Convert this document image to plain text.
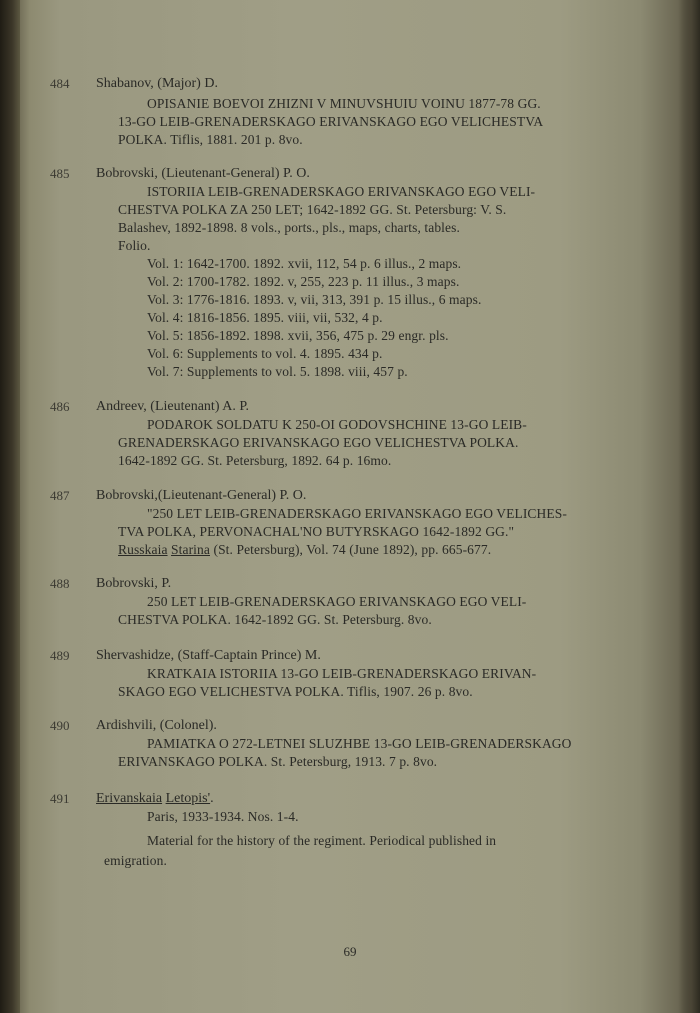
484 Shabanov, (Major) D.
OPISANIE BOEVOI ZHIZNI V MINUVSHUIU VOINU 1877-78 GG.
13-GO LEIB-GRENADERSKAGO ERIVANSKAGO EGO VELICHESTVA
POLKA. Tiflis, 1881. 201 p. 8vo.
485 Bobrovski, (Lieutenant-General) P. O.
ISTORIIA LEIB-GRENADERSKAGO ERIVANSKAGO EGO VELI-
CHESTVA POLKA ZA 250 LET; 1642-1892 GG. St. Petersburg: V. S.
Balashev, 1892-1898. 8 vols., ports., pls., maps, charts, tables.
Folio.
Vol. 1: 1642-1700. 1892. xvii, 112, 54 p. 6 illus., 2 maps.
Vol. 2: 1700-1782. 1892. v, 255, 223 p. 11 illus., 3 maps.
Vol. 3: 1776-1816. 1893. v, vii, 313, 391 p. 15 illus., 6 maps.
Vol. 4: 1816-1856. 1895. viii, vii, 532, 4 p.
Vol. 5: 1856-1892. 1898. xvii, 356, 475 p. 29 engr. pls.
Vol. 6: Supplements to vol. 4. 1895. 434 p.
Vol. 7: Supplements to vol. 5. 1898. viii, 457 p.
486 Andreev, (Lieutenant) A. P.
PODAROK SOLDATU K 250-OI GODOVSHCHINE 13-GO LEIB-
GRENADERSKAGO ERIVANSKAGO EGO VELICHESTVA POLKA.
1642-1892 GG. St. Petersburg, 1892. 64 p. 16mo.
487 Bobrovski,(Lieutenant-General) P. O.
"250 LET LEIB-GRENADERSKAGO ERIVANSKAGO EGO VELICHES-
TVA POLKA, PERVONACHAL'NO BUTYRSKAGO 1642-1892 GG."
Russkaia Starina (St. Petersburg), Vol. 74 (June 1892), pp. 665-677.
488 Bobrovski, P.
250 LET LEIB-GRENADERSKAGO ERIVANSKAGO EGO VELI-
CHESTVA POLKA. 1642-1892 GG. St. Petersburg. 8vo.
489 Shervashidze, (Staff-Captain Prince) M.
KRATKAIA ISTORIIA 13-GO LEIB-GRENADERSKAGO ERIVAN-
SKAGO EGO VELICHESTVA POLKA. Tiflis, 1907. 26 p. 8vo.
490 Ardishvili, (Colonel).
PAMIATKA O 272-LETNEI SLUZHBE 13-GO LEIB-GRENADERSKAGO
ERIVANSKAGO POLKA. St. Petersburg, 1913. 7 p. 8vo.
491 Erivanskaia Letopis'.
Paris, 1933-1934. Nos. 1-4.
Material for the history of the regiment. Periodical published in
emigration.
69
